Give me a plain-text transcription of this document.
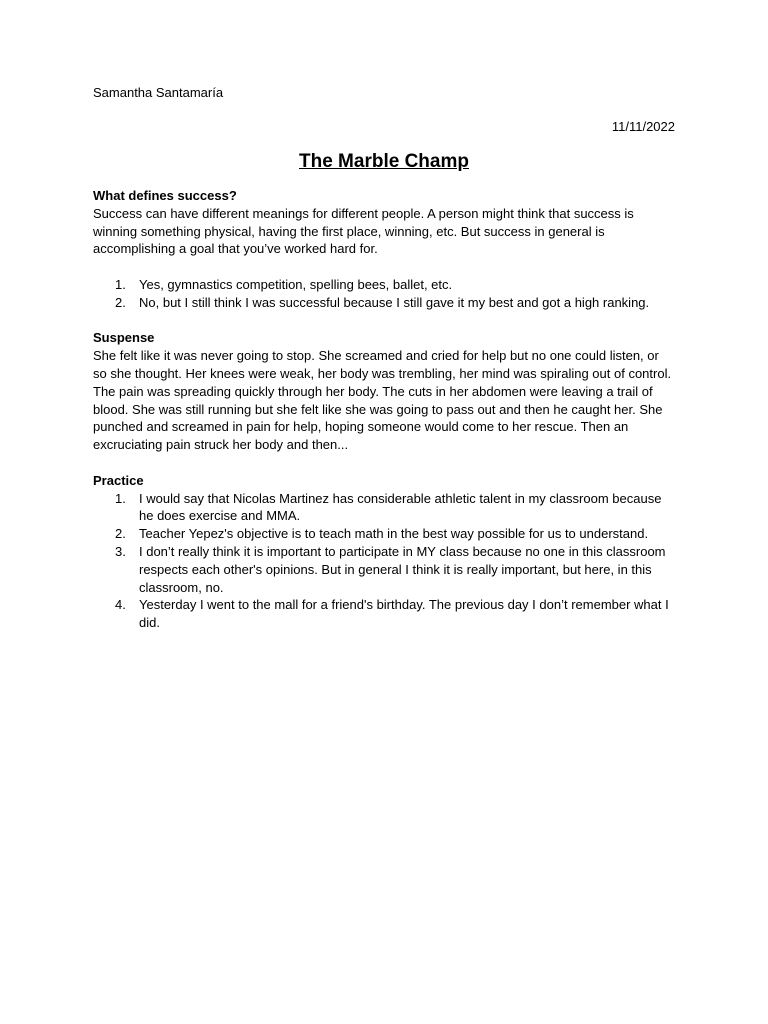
Samantha Santamaría

11/11/2022

The Marble Champ

What defines success?

Success can have different meanings for different people. A person might think that success is winning something physical, having the first place, winning, etc. But success in general is accomplishing a goal that you’ve worked hard for.

1. Yes, gymnastics competition, spelling bees, ballet, etc.
2. No, but I still think I was successful because I still gave it my best and got a high ranking.

Suspense

She felt like it was never going to stop. She screamed and cried for help but no one could listen, or so she thought. Her knees were weak, her body was trembling, her mind was spiraling out of control. The pain was spreading quickly through her body. The cuts in her abdomen were leaving a trail of blood. She was still running but she felt like she was going to pass out and then he caught her. She punched and screamed in pain for help, hoping someone would come to her rescue. Then an excruciating pain struck her body and then...

Practice

1. I would say that Nicolas Martinez has considerable athletic talent in my classroom because he does exercise and MMA.
2. Teacher Yepez's objective is to teach math in the best way possible for us to understand.
3. I don’t really think it is important to participate in MY class because no one in this classroom respects each other's opinions. But in general I think it is really important, but here, in this classroom, no.
4. Yesterday I went to the mall for a friend's birthday. The previous day I don’t remember what I did.
